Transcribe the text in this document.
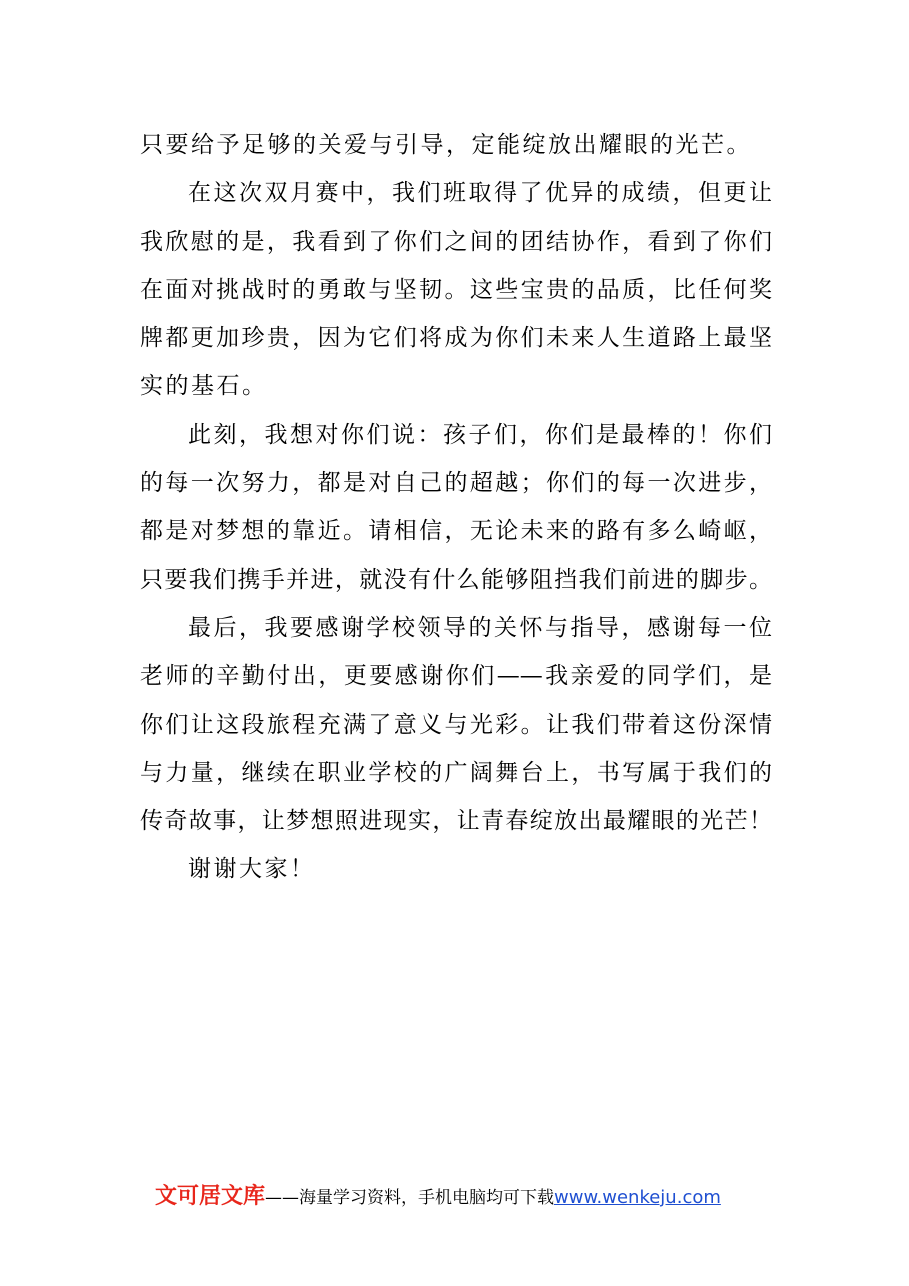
只要给予足够的关爱与引导，定能绽放出耀眼的光芒。
在这次双月赛中，我们班取得了优异的成绩，但更让
我欣慰的是，我看到了你们之间的团结协作，看到了你们
在面对挑战时的勇敢与坚韧。这些宝贵的品质，比任何奖
牌都更加珍贵，因为它们将成为你们未来人生道路上最坚
实的基石。
此刻，我想对你们说：孩子们，你们是最棒的！你们
的每一次努力，都是对自己的超越；你们的每一次进步，
都是对梦想的靠近。请相信，无论未来的路有多么崎岖，
只要我们携手并进，就没有什么能够阻挡我们前进的脚步。
最后，我要感谢学校领导的关怀与指导，感谢每一位
老师的辛勤付出，更要感谢你们——我亲爱的同学们，是
你们让这段旅程充满了意义与光彩。让我们带着这份深情
与力量，继续在职业学校的广阔舞台上，书写属于我们的
传奇故事，让梦想照进现实，让青春绽放出最耀眼的光芒！
谢谢大家！
文可居文库——海量学习资料，手机电脑均可下载www.wenkeju.com
